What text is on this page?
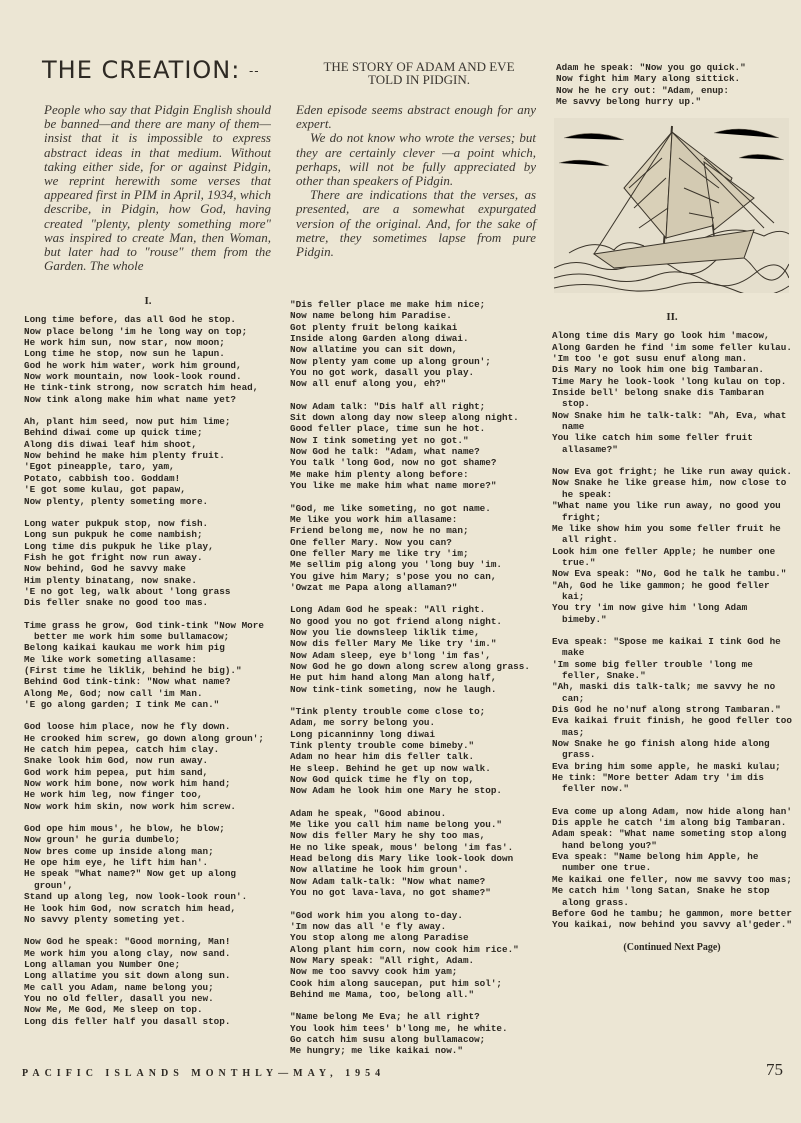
THE CREATION: --	THE STORY OF ADAM AND EVE
TOLD IN PIDGIN.

People who say that Pidgin English should be banned—and there are many of them—insist that it is impossible to express abstract ideas in that medium. Without taking either side, for or against Pidgin, we reprint herewith some verses that appeared first in PIM in April, 1934, which describe, in Pidgin, how God, having created "plenty, plenty something more" was inspired to create Man, then Woman, but later had to "rouse" them from the Garden. The whole

Eden episode seems abstract enough for any expert.

We do not know who wrote the verses; but they are certainly clever —a point which, perhaps, will not be fully appreciated by other than speakers of Pidgin.

There are indications that the verses, as presented, are a somewhat expurgated version of the original. And, for the sake of metre, they sometimes lapse from pure Pidgin.

I.
Long time before, das all God he stop.
Now place belong 'im he long way on top;
He work him sun, now star, now moon;
Long time he stop, now sun he lapun.
God he work him water, work him ground,
Now work mountain, now look-look round.
He tink-tink strong, now scratch him head,
Now tink along make him what name yet?
Ah, plant him seed, now put him lime;
Behind diwai come up quick time;
Along dis diwai leaf him shoot,
Now behind he make him plenty fruit.
'Egot pineapple, taro, yam,
Potato, cabbish too. Goddam!
'E got some kulau, got papaw,
Now plenty, plenty someting more.
Long water pukpuk stop, now fish.
Long sun pukpuk he come nambish;
Long time dis pukpuk he like play,
Fish he got fright now run away.
Now behind, God he savvy make
Him plenty binatang, now snake.
'E no got leg, walk about 'long grass
Dis feller snake no good too mas.
Time grass he grow, God tink-tink "Now More better me work him some bullamacow;
Belong kaikai kaukau me work him pig
Me like work someting allasame:
(First time he liklik, behind he big)."
Behind God tink-tink: "Now what name?
Along Me, God; now call 'im Man.
'E go along garden; I tink Me can."
God loose him place, now he fly down.
He crooked him screw, go down along groun';
He catch him pepea, catch him clay.
Snake look him God, now run away.
God work him pepea, put him sand,
Now work him bone, now work him hand;
He work him leg, now finger too,
Now work him skin, now work him screw.
God ope him mous', he blow, he blow;
Now groun' he guria dumbelo;
Now bres come up inside along man;
He ope him eye, he lift him han'.
He speak "What name?" Now get up along groun',
Stand up along leg, now look-look roun'.
He look him God, now scratch him head,
No savvy plenty someting yet.
Now God he speak: "Good morning, Man!
Me work him you along clay, now sand.
Long allaman you Number One;
Long allatime you sit down along sun.
Me call you Adam, name belong you;
You no old feller, dasall you new.
Now Me, Me God, Me sleep on top.
Long dis feller half you dasall stop.
"Dis feller place me make him nice;
Now name belong him Paradise.
Got plenty fruit belong kaikai
Inside along Garden along diwai.
Now allatime you can sit down,
Now plenty yam come up along groun';
You no got work, dasall you play.
Now all enuf along you, eh?"
Now Adam talk: "Dis half all right;
Sit down along day now sleep along night.
Good feller place, time sun he hot.
Now I tink someting yet no got."
Now God he talk: "Adam, what name?
You talk 'long God, now no got shame?
Me make him plenty along before:
You like me make him what name more?"
"God, me like someting, no got name.
Me like you work him allasame:
Friend belong me, now he no man;
One feller Mary. Now you can?
One feller Mary me like try 'im;
Me sellim pig along you 'long buy 'im.
You give him Mary; s'pose you no can,
'Owzat me Papa along allaman?"
Long Adam God he speak: "All right.
No good you no got friend along night.
Now you lie downsleep liklik time,
Now dis feller Mary Me like try 'im."
Now Adam sleep, eye b'long 'im fas',
Now God he go down along screw along grass.
He put him hand along Man along half,
Now tink-tink someting, now he laugh.
"Tink plenty trouble come close to;
Adam, me sorry belong you.
Long picanninny long diwai
Tink plenty trouble come bimeby."
Adam no hear him dis feller talk.
He sleep. Behind he get up now walk.
Now God quick time he fly on top,
Now Adam he look him one Mary he stop.
Adam he speak, "Good abinou.
Me like you call him name belong you."
Now dis feller Mary he shy too mas,
He no like speak, mous' belong 'im fas'.
Head belong dis Mary like look-look down
Now allatime he look him groun'.
Now Adam talk-talk: "Now what name?
You no got lava-lava, no got shame?"
"God work him you along to-day.
'Im now das all 'e fly away.
You stop along me along Paradise
Along plant him corn, now cook him rice."
Now Mary speak: "All right, Adam.
Now me too savvy cook him yam;
Cook him along saucepan, put him sol';
Behind me Mama, too, belong all."
"Name belong Me Eva; he all right?
You look him tees' b'long me, he white.
Go catch him susu along bullamacow;
Me hungry; me like kaikai now."
Adam he speak: "Now you go quick."
Now fight him Mary along sittick.
Now he he cry out: "Adam, enup:
Me savvy belong hurry up."
II.
Along time dis Mary go look him 'macow,
Along Garden he find 'im some feller kulau.
'Im too 'e got susu enuf along man.
Dis Mary no look him one big Tambaran.
Time Mary he look-look 'long kulau on top.
Inside bell' belong snake dis Tambaran stop.
Now Snake him he talk-talk: "Ah, Eva, what name
You like catch him some feller fruit allasame?"
Now Eva got fright; he like run away quick.
Now Snake he like grease him, now close to he speak:
"What name you like run away, no good you fright;
Me like show him you some feller fruit he all right.
Look him one feller Apple; he number one true."
Now Eva speak: "No, God he talk he tambu."
"Ah, God he like gammon; he good feller kai;
You try 'im now give him 'long Adam bimeby."
Eva speak: "Spose me kaikai I tink God he make
'Im some big feller trouble 'long me feller, Snake."
"Ah, maski dis talk-talk; me savvy he no can;
Dis God he no'nuf along strong Tambaran."
Eva kaikai fruit finish, he good feller too mas;
Now Snake he go finish along hide along grass.
Eva bring him some apple, he maski kulau;
He tink: "More better Adam try 'im dis feller now."
Eva come up along Adam, now hide along han'
Dis apple he catch 'im along big Tambaran.
Adam speak: "What name someting stop along hand belong you?"
Eva speak: "Name belong him Apple, he number one true.
Me kaikai one feller, now me savvy too mas;
Me catch him 'long Satan, Snake he stop along grass.
Before God he tambu; he gammon, more better
You kaikai, now behind you savvy al'geder."
(Continued Next Page)
PACIFIC ISLANDS MONTHLY—MAY, 1954	75
